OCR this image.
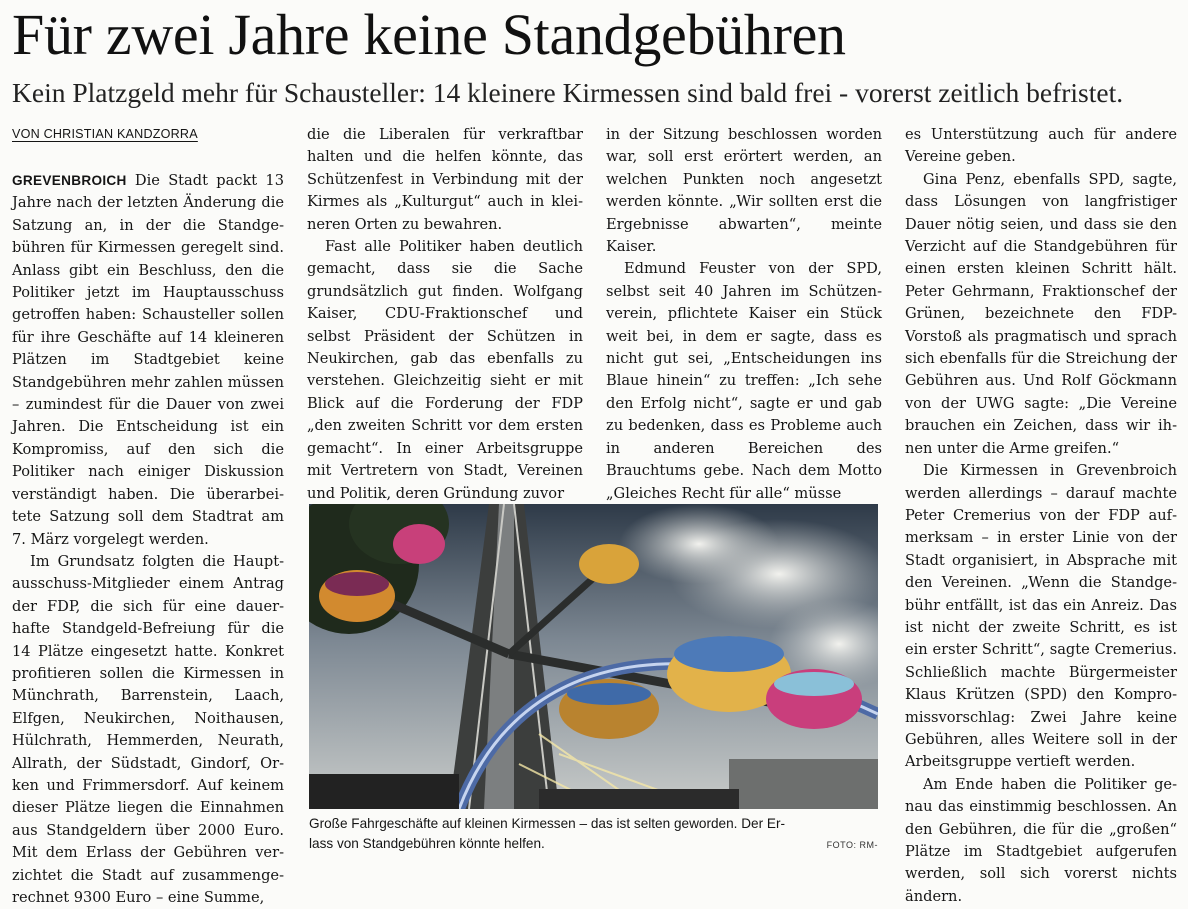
Für zwei Jahre keine Standgebühren
Kein Platzgeld mehr für Schausteller: 14 kleinere Kirmessen sind bald frei - vorerst zeitlich befristet.

VON CHRISTIAN KANDZORRA

GREVENBROICH Die Stadt packt 13 Jahre nach der letzten Änderung die Satzung an, in der die Standgebühren für Kirmessen geregelt sind. Anlass gibt ein Beschluss, den die Politiker jetzt im Hauptausschuss getroffen haben: Schausteller sollen für ihre Geschäfte auf 14 kleineren Plätzen im Stadtgebiet keine Standgebühren mehr zahlen müssen – zumindest für die Dauer von zwei Jahren. Die Entscheidung ist ein Kompromiss, auf den sich die Politiker nach einiger Diskussion verständigt haben. Die überarbeitete Satzung soll dem Stadtrat am 7. März vorgelegt werden.

Im Grundsatz folgten die Hauptausschuss-Mitglieder einem Antrag der FDP, die sich für eine dauerhafte Standgeld-Befreiung für die 14 Plätze eingesetzt hatte. Konkret profitieren sollen die Kirmessen in Münchrath, Barrenstein, Laach, Elfgen, Neukirchen, Noithausen, Hülchrath, Hemmerden, Neurath, Allrath, der Südstadt, Gindorf, Orken und Frimmersdorf. Auf keinem dieser Plätze liegen die Einnahmen aus Standgeldern über 2000 Euro. Mit dem Erlass der Gebühren verzichtet die Stadt auf zusammengerechnet 9300 Euro – eine Summe,

die die Liberalen für verkraftbar halten und die helfen könnte, das Schützenfest in Verbindung mit der Kirmes als „Kulturgut“ auch in kleineren Orten zu bewahren.

Fast alle Politiker haben deutlich gemacht, dass sie die Sache grundsätzlich gut finden. Wolfgang Kaiser, CDU-Fraktionschef und selbst Präsident der Schützen in Neukirchen, gab das ebenfalls zu verstehen. Gleichzeitig sieht er mit Blick auf die Forderung der FDP „den zweiten Schritt vor dem ersten gemacht“. In einer Arbeitsgruppe mit Vertretern von Stadt, Vereinen und Politik, deren Gründung zuvor

in der Sitzung beschlossen worden war, soll erst erörtert werden, an welchen Punkten noch angesetzt werden könnte. „Wir sollten erst die Ergebnisse abwarten“, meinte Kaiser.

Edmund Feuster von der SPD, selbst seit 40 Jahren im Schützenverein, pflichtete Kaiser ein Stück weit bei, in dem er sagte, dass es nicht gut sei, „Entscheidungen ins Blaue hinein“ zu treffen: „Ich sehe den Erfolg nicht“, sagte er und gab zu bedenken, dass es Probleme auch in anderen Bereichen des Brauchtums gebe. Nach dem Motto „Gleiches Recht für alle“ müsse

es Unterstützung auch für andere Vereine geben.

Gina Penz, ebenfalls SPD, sagte, dass Lösungen von langfristiger Dauer nötig seien, und dass sie den Verzicht auf die Standgebühren für einen ersten kleinen Schritt hält. Peter Gehrmann, Fraktionschef der Grünen, bezeichnete den FDP-Vorstoß als pragmatisch und sprach sich ebenfalls für die Streichung der Gebühren aus. Und Rolf Göckmann von der UWG sagte: „Die Vereine brauchen ein Zeichen, dass wir ihnen unter die Arme greifen.“

Die Kirmessen in Grevenbroich werden allerdings – darauf machte Peter Cremerius von der FDP aufmerksam – in erster Linie von der Stadt organisiert, in Absprache mit den Vereinen. „Wenn die Standgebühr entfällt, ist das ein Anreiz. Das ist nicht der zweite Schritt, es ist ein erster Schritt“, sagte Cremerius. Schließlich machte Bürgermeister Klaus Krützen (SPD) den Kompromissvorschlag: Zwei Jahre keine Gebühren, alles Weitere soll in der Arbeitsgruppe vertieft werden.

Am Ende haben die Politiker genau das einstimmig beschlossen. An den Gebühren, die für die „großen“ Plätze im Stadtgebiet aufgerufen werden, soll sich vorerst nichts ändern.

Große Fahrgeschäfte auf kleinen Kirmessen – das ist selten geworden. Der Er-
lass von Standgebühren könnte helfen.	FOTO: RM-
